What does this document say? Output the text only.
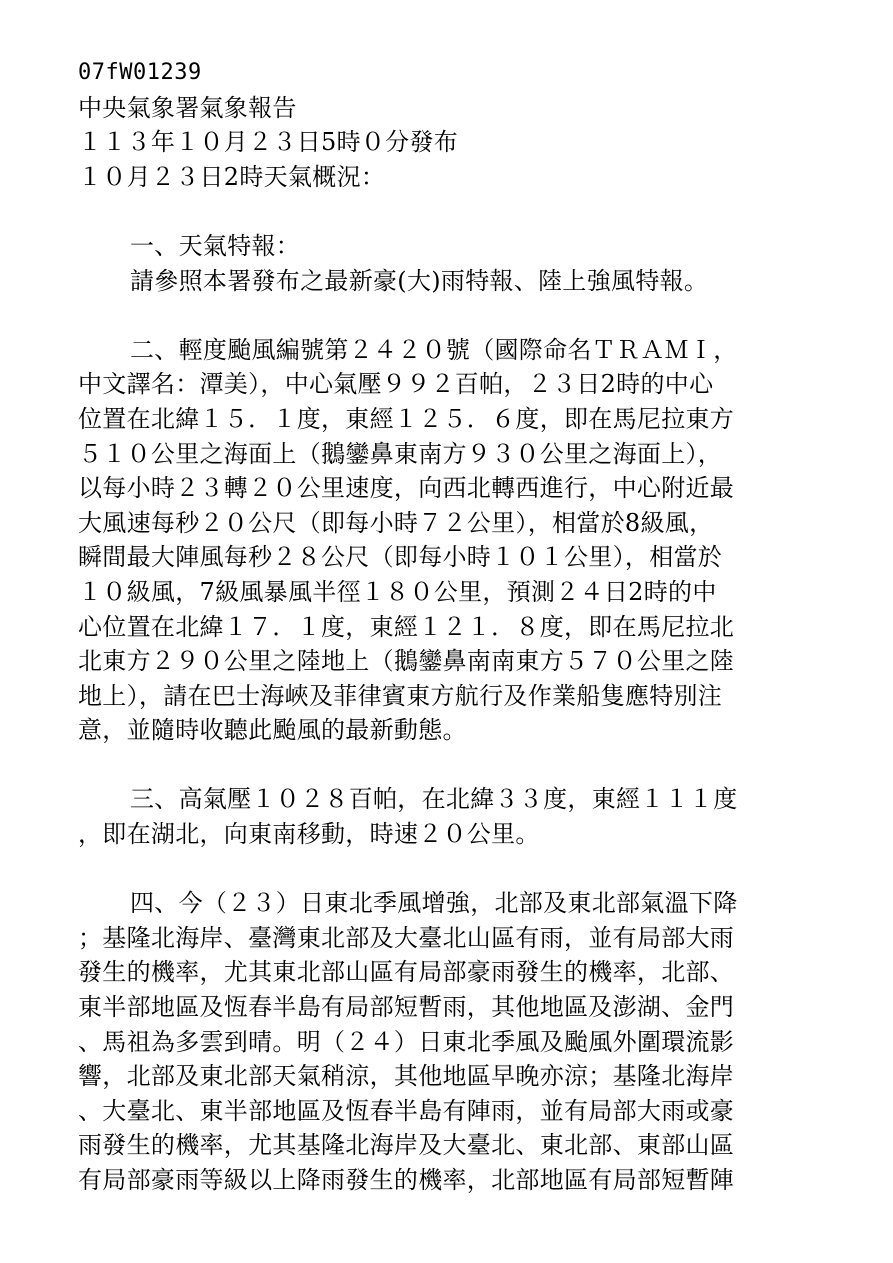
07fW01239
中央氣象署氣象報告
１１３年１０月２３日5時０分發布
１０月２３日2時天氣概況：
一、天氣特報：
請參照本署發布之最新豪(大)雨特報、陸上強風特報。
二、輕度颱風編號第２４２０號（國際命名ＴＲＡＭＩ，
中文譯名：潭美），中心氣壓９９２百帕，２３日2時的中心
位置在北緯１５．１度，東經１２５．６度，即在馬尼拉東方
５１０公里之海面上（鵝鑾鼻東南方９３０公里之海面上），
以每小時２３轉２０公里速度，向西北轉西進行，中心附近最
大風速每秒２０公尺（即每小時７２公里），相當於8級風，
瞬間最大陣風每秒２８公尺（即每小時１０１公里），相當於
１０級風，7級風暴風半徑１８０公里，預測２４日2時的中
心位置在北緯１７．１度，東經１２１．８度，即在馬尼拉北
北東方２９０公里之陸地上（鵝鑾鼻南南東方５７０公里之陸
地上），請在巴士海峽及菲律賓東方航行及作業船隻應特別注
意，並隨時收聽此颱風的最新動態。
三、高氣壓１０２８百帕，在北緯３３度，東經１１１度
，即在湖北，向東南移動，時速２０公里。
四、今（２３）日東北季風增強，北部及東北部氣溫下降
；基隆北海岸、臺灣東北部及大臺北山區有雨，並有局部大雨
發生的機率，尤其東北部山區有局部豪雨發生的機率，北部、
東半部地區及恆春半島有局部短暫雨，其他地區及澎湖、金門
、馬祖為多雲到晴。明（２４）日東北季風及颱風外圍環流影
響，北部及東北部天氣稍涼，其他地區早晚亦涼；基隆北海岸
、大臺北、東半部地區及恆春半島有陣雨，並有局部大雨或豪
雨發生的機率，尤其基隆北海岸及大臺北、東北部、東部山區
有局部豪雨等級以上降雨發生的機率，北部地區有局部短暫陣
